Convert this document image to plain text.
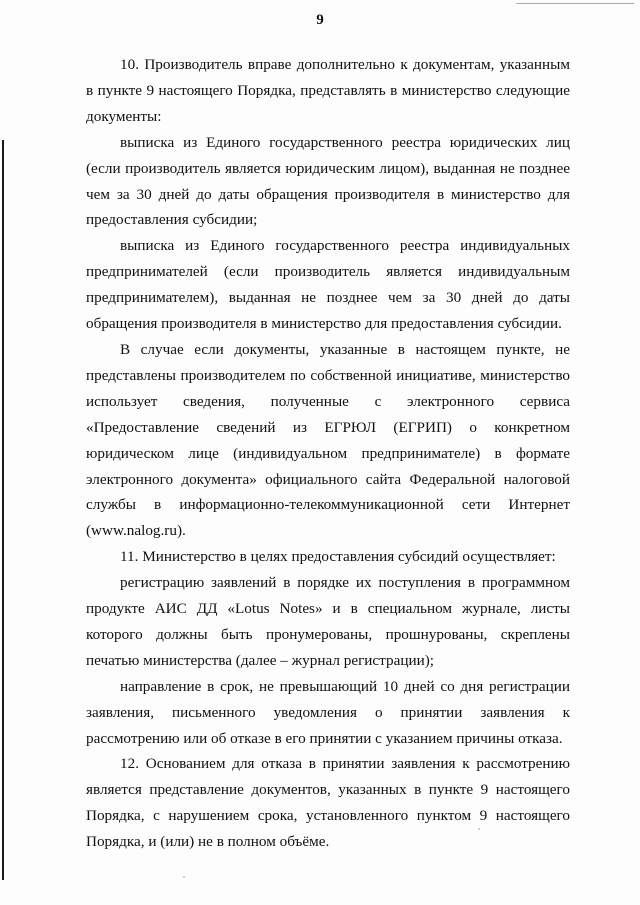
9

10. Производитель вправе дополнительно к документам, указанным в пункте 9 настоящего Порядка, представлять в министерство следующие документы:

выписка из Единого государственного реестра юридических лиц (если производитель является юридическим лицом), выданная не позднее чем за 30 дней до даты обращения производителя в министерство для предоставления субсидии;

выписка из Единого государственного реестра индивидуальных предпринимателей (если производитель является индивидуальным предпринимателем), выданная не позднее чем за 30 дней до даты обращения производителя в министерство для предоставления субсидии.

В случае если документы, указанные в настоящем пункте, не представлены производителем по собственной инициативе, министерство использует сведения, полученные с электронного сервиса «Предоставление сведений из ЕГРЮЛ (ЕГРИП) о конкретном юридическом лице (индивидуальном предпринимателе) в формате электронного документа» официального сайта Федеральной налоговой службы в информационно-телекоммуникационной сети Интернет (www.nalog.ru).

11. Министерство в целях предоставления субсидий осуществляет:

регистрацию заявлений в порядке их поступления в программном продукте АИС ДД «Lotus Notes» и в специальном журнале, листы которого должны быть пронумерованы, прошнурованы, скреплены печатью министерства (далее – журнал регистрации);

направление в срок, не превышающий 10 дней со дня регистрации заявления, письменного уведомления о принятии заявления к рассмотрению или об отказе в его принятии с указанием причины отказа.

12. Основанием для отказа в принятии заявления к рассмотрению является представление документов, указанных в пункте 9 настоящего Порядка, с нарушением срока, установленного пунктом 9 настоящего Порядка, и (или) не в полном объёме.
